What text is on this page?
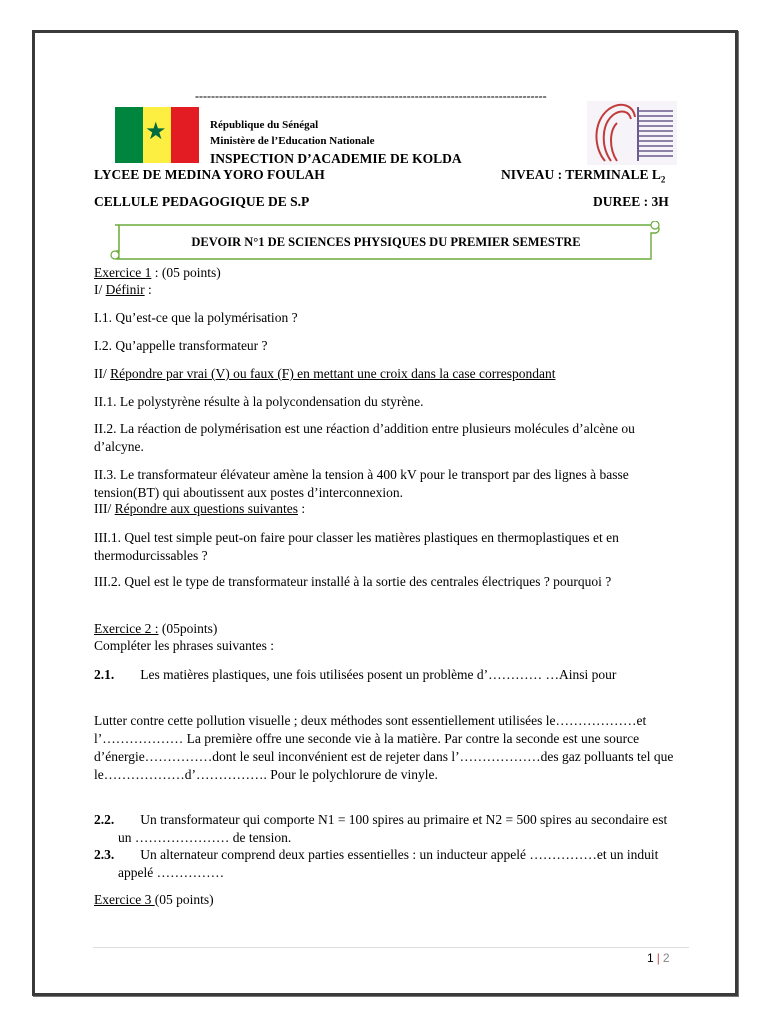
----------------------------------------------------------------------------------------
★	République du Sénégal
Ministère de l’Education Nationale
INSPECTION D’ACADEMIE DE KOLDA
LYCEE DE MEDINA YORO FOULAH	NIVEAU : TERMINALE $L_2$
CELLULE PEDAGOGIQUE DE S.P	DUREE : 3H
DEVOIR N°1 DE SCIENCES PHYSIQUES DU PREMIER SEMESTRE
Exercice 1 : (05 points)
I/ Définir :
I.1. Qu’est-ce que la polymérisation ?
I.2. Qu’appelle transformateur ?
II/ Répondre par vrai (V) ou faux (F) en mettant une croix dans la case correspondant
II.1. Le polystyrène résulte à la polycondensation du styrène.
II.2. La réaction de polymérisation est une réaction d’addition entre plusieurs molécules d’alcène ou d’alcyne.
II.3. Le transformateur élévateur amène la tension à 400 kV pour le transport par des lignes à basse tension(BT) qui aboutissent aux postes d’interconnexion.
III/ Répondre aux questions suivantes :
III.1. Quel test simple peut-on faire pour classer les matières plastiques en thermoplastiques et en thermodurcissables ?
III.2. Quel est le type de transformateur installé à la sortie des centrales électriques ? pourquoi ?
Exercice 2 : (05points)
Compléter les phrases suivantes :
2.1. Les matières plastiques, une fois utilisées posent un problème d’………… …Ainsi pour
Lutter contre cette pollution visuelle ; deux méthodes sont essentiellement utilisées le………………et l’……………… La première offre une seconde vie à la matière. Par contre la seconde est une source d’énergie……………dont le seul inconvénient est de rejeter dans l’………………des gaz polluants tel que le………………d’……………. Pour le polychlorure de vinyle.
2.2. Un transformateur qui comporte N1 = 100 spires au primaire et N2 = 500 spires au secondaire est un ………………… de tension.
2.3. Un alternateur comprend deux parties essentielles : un inducteur appelé ……………et un induit appelé ……………
Exercice 3 (05 points)
1 | 2
